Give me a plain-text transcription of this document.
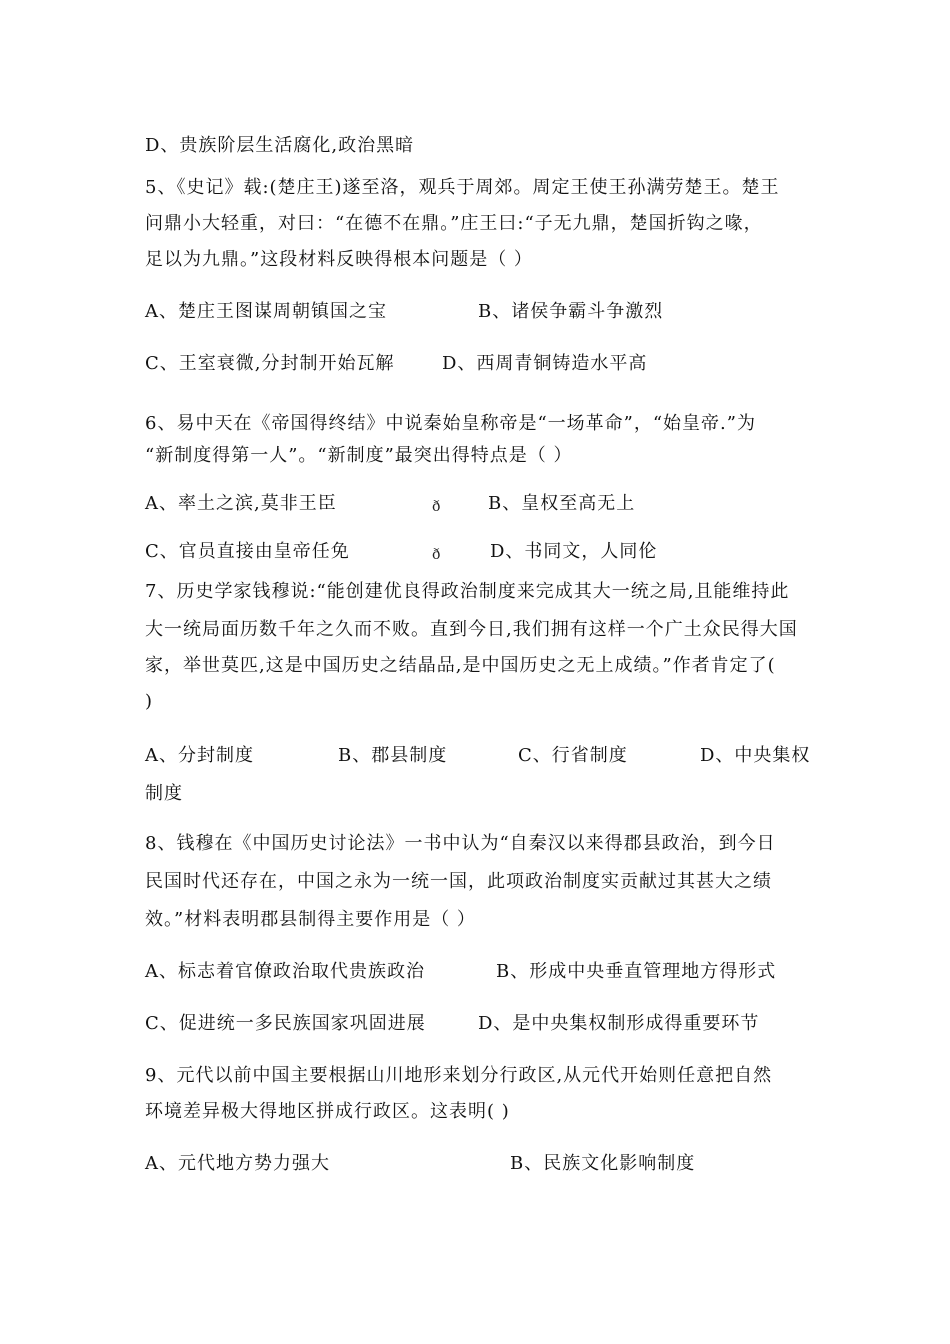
D、贵族阶层生活腐化,政治黑暗
5、《史记》载:(楚庄王)遂至洛，观兵于周郊。周定王使王孙满劳楚王。楚王
问鼎小大轻重，对曰：“在德不在鼎。”庄王曰:“子无九鼎，楚国折钩之喙，
足以为九鼎。”这段材料反映得根本问题是（ ）
A、楚庄王图谋周朝镇国之宝	B、诸侯争霸斗争激烈
C、王室衰微,分封制开始瓦解	D、西周青铜铸造水平高
6、易中天在《帝国得终结》中说秦始皇称帝是“一场革命”，“始皇帝.”为
“新制度得第一人”。“新制度”最突出得特点是（ ）
A、率土之滨,莫非王臣	ð	B、皇权至高无上
C、官员直接由皇帝任免	ð	D、书同文，人同伦
7、历史学家钱穆说:“能创建优良得政治制度来完成其大一统之局,且能维持此
大一统局面历数千年之久而不败。直到今日,我们拥有这样一个广土众民得大国
家，举世莫匹,这是中国历史之结晶品,是中国历史之无上成绩。”作者肯定了(
)
A、分封制度	B、郡县制度	C、行省制度	D、中央集权
制度
8、钱穆在《中国历史讨论法》一书中认为“自秦汉以来得郡县政治，到今日
民国时代还存在，中国之永为一统一国，此项政治制度实贡献过其甚大之绩
效。”材料表明郡县制得主要作用是（ ）
A、标志着官僚政治取代贵族政治	B、形成中央垂直管理地方得形式
C、促进统一多民族国家巩固进展	D、是中央集权制形成得重要环节
9、元代以前中国主要根据山川地形来划分行政区,从元代开始则任意把自然
环境差异极大得地区拼成行政区。这表明( )
A、元代地方势力强大	B、民族文化影响制度
